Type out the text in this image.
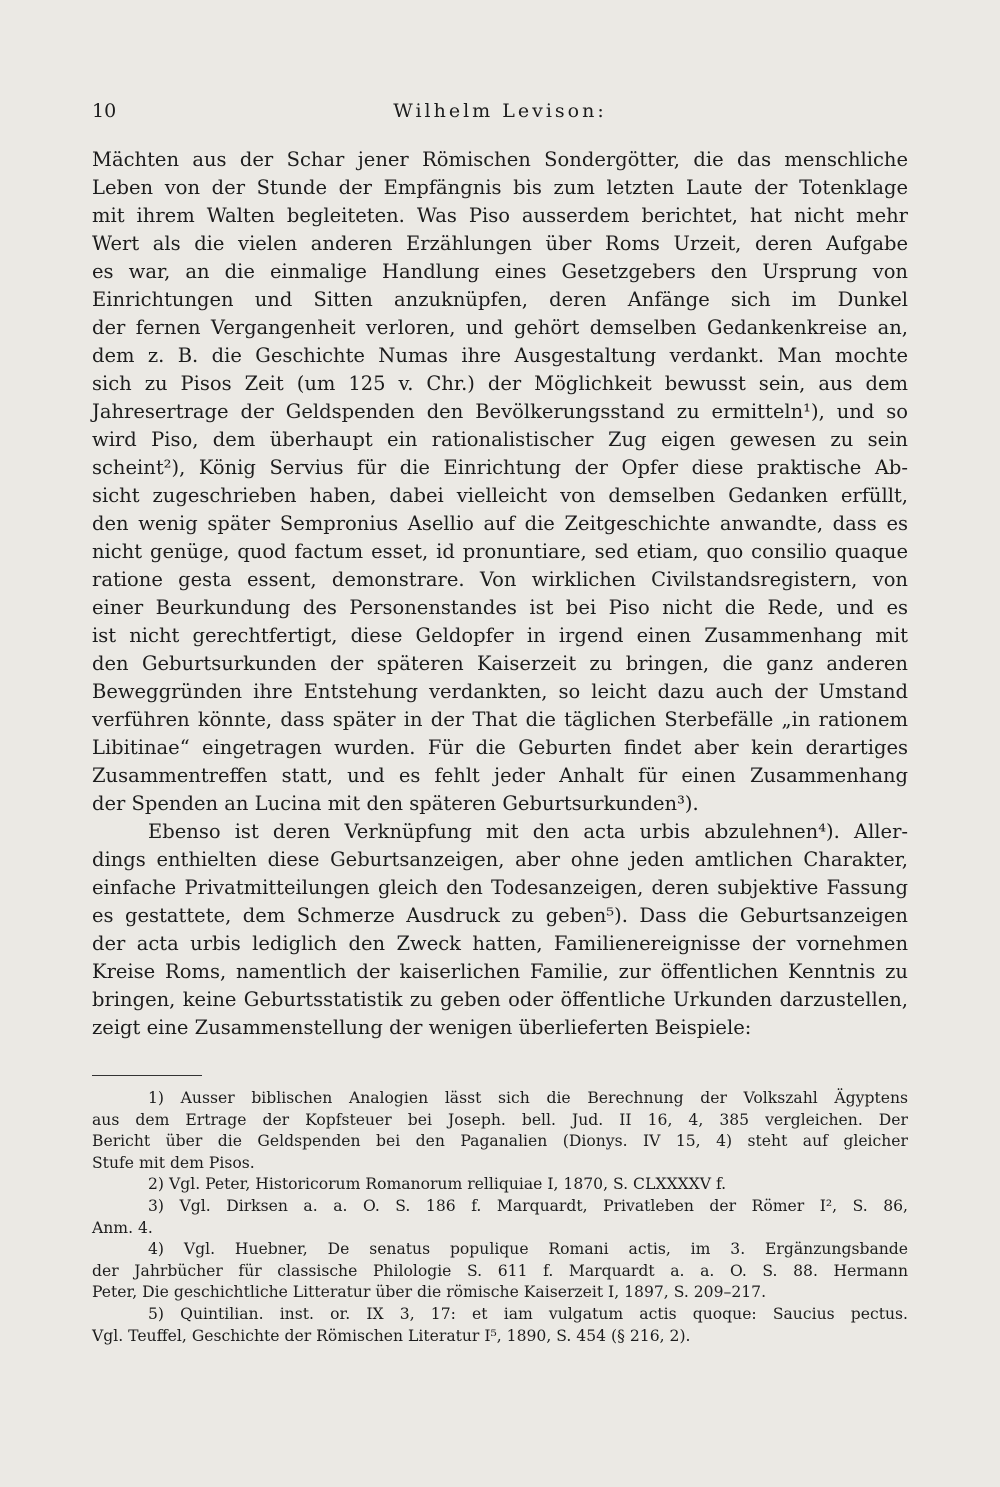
10	Wilhelm Levison:
Mächten aus der Schar jener Römischen Sondergötter, die das menschliche
Leben von der Stunde der Empfängnis bis zum letzten Laute der Totenklage
mit ihrem Walten begleiteten. Was Piso ausserdem berichtet, hat nicht mehr
Wert als die vielen anderen Erzählungen über Roms Urzeit, deren Aufgabe
es war, an die einmalige Handlung eines Gesetzgebers den Ursprung von
Einrichtungen und Sitten anzuknüpfen, deren Anfänge sich im Dunkel
der fernen Vergangenheit verloren, und gehört demselben Gedankenkreise an,
dem z. B. die Geschichte Numas ihre Ausgestaltung verdankt. Man mochte
sich zu Pisos Zeit (um 125 v. Chr.) der Möglichkeit bewusst sein, aus dem
Jahresertrage der Geldspenden den Bevölkerungsstand zu ermitteln¹), und so
wird Piso, dem überhaupt ein rationalistischer Zug eigen gewesen zu sein
scheint²), König Servius für die Einrichtung der Opfer diese praktische Ab-
sicht zugeschrieben haben, dabei vielleicht von demselben Gedanken erfüllt,
den wenig später Sempronius Asellio auf die Zeitgeschichte anwandte, dass es
nicht genüge, quod factum esset, id pronuntiare, sed etiam, quo consilio quaque
ratione gesta essent, demonstrare. Von wirklichen Civilstandsregistern, von
einer Beurkundung des Personenstandes ist bei Piso nicht die Rede, und es
ist nicht gerechtfertigt, diese Geldopfer in irgend einen Zusammenhang mit
den Geburtsurkunden der späteren Kaiserzeit zu bringen, die ganz anderen
Beweggründen ihre Entstehung verdankten, so leicht dazu auch der Umstand
verführen könnte, dass später in der That die täglichen Sterbefälle „in rationem
Libitinae“ eingetragen wurden. Für die Geburten findet aber kein derartiges
Zusammentreffen statt, und es fehlt jeder Anhalt für einen Zusammenhang
der Spenden an Lucina mit den späteren Geburtsurkunden³).
Ebenso ist deren Verknüpfung mit den acta urbis abzulehnen⁴). Aller-
dings enthielten diese Geburtsanzeigen, aber ohne jeden amtlichen Charakter,
einfache Privatmitteilungen gleich den Todesanzeigen, deren subjektive Fassung
es gestattete, dem Schmerze Ausdruck zu geben⁵). Dass die Geburtsanzeigen
der acta urbis lediglich den Zweck hatten, Familienereignisse der vornehmen
Kreise Roms, namentlich der kaiserlichen Familie, zur öffentlichen Kenntnis zu
bringen, keine Geburtsstatistik zu geben oder öffentliche Urkunden darzustellen,
zeigt eine Zusammenstellung der wenigen überlieferten Beispiele:
1) Ausser biblischen Analogien lässt sich die Berechnung der Volkszahl Ägyptens
aus dem Ertrage der Kopfsteuer bei Joseph. bell. Jud. II 16, 4, 385 vergleichen. Der
Bericht über die Geldspenden bei den Paganalien (Dionys. IV 15, 4) steht auf gleicher
Stufe mit dem Pisos.
2) Vgl. Peter, Historicorum Romanorum relliquiae I, 1870, S. CLXXXXV f.
3) Vgl. Dirksen a. a. O. S. 186 f. Marquardt, Privatleben der Römer I², S. 86,
Anm. 4.
4) Vgl. Huebner, De senatus populique Romani actis, im 3. Ergänzungsbande
der Jahrbücher für classische Philologie S. 611 f. Marquardt a. a. O. S. 88. Hermann
Peter, Die geschichtliche Litteratur über die römische Kaiserzeit I, 1897, S. 209–217.
5) Quintilian. inst. or. IX 3, 17: et iam vulgatum actis quoque: Saucius pectus.
Vgl. Teuffel, Geschichte der Römischen Literatur I⁵, 1890, S. 454 (§ 216, 2).
